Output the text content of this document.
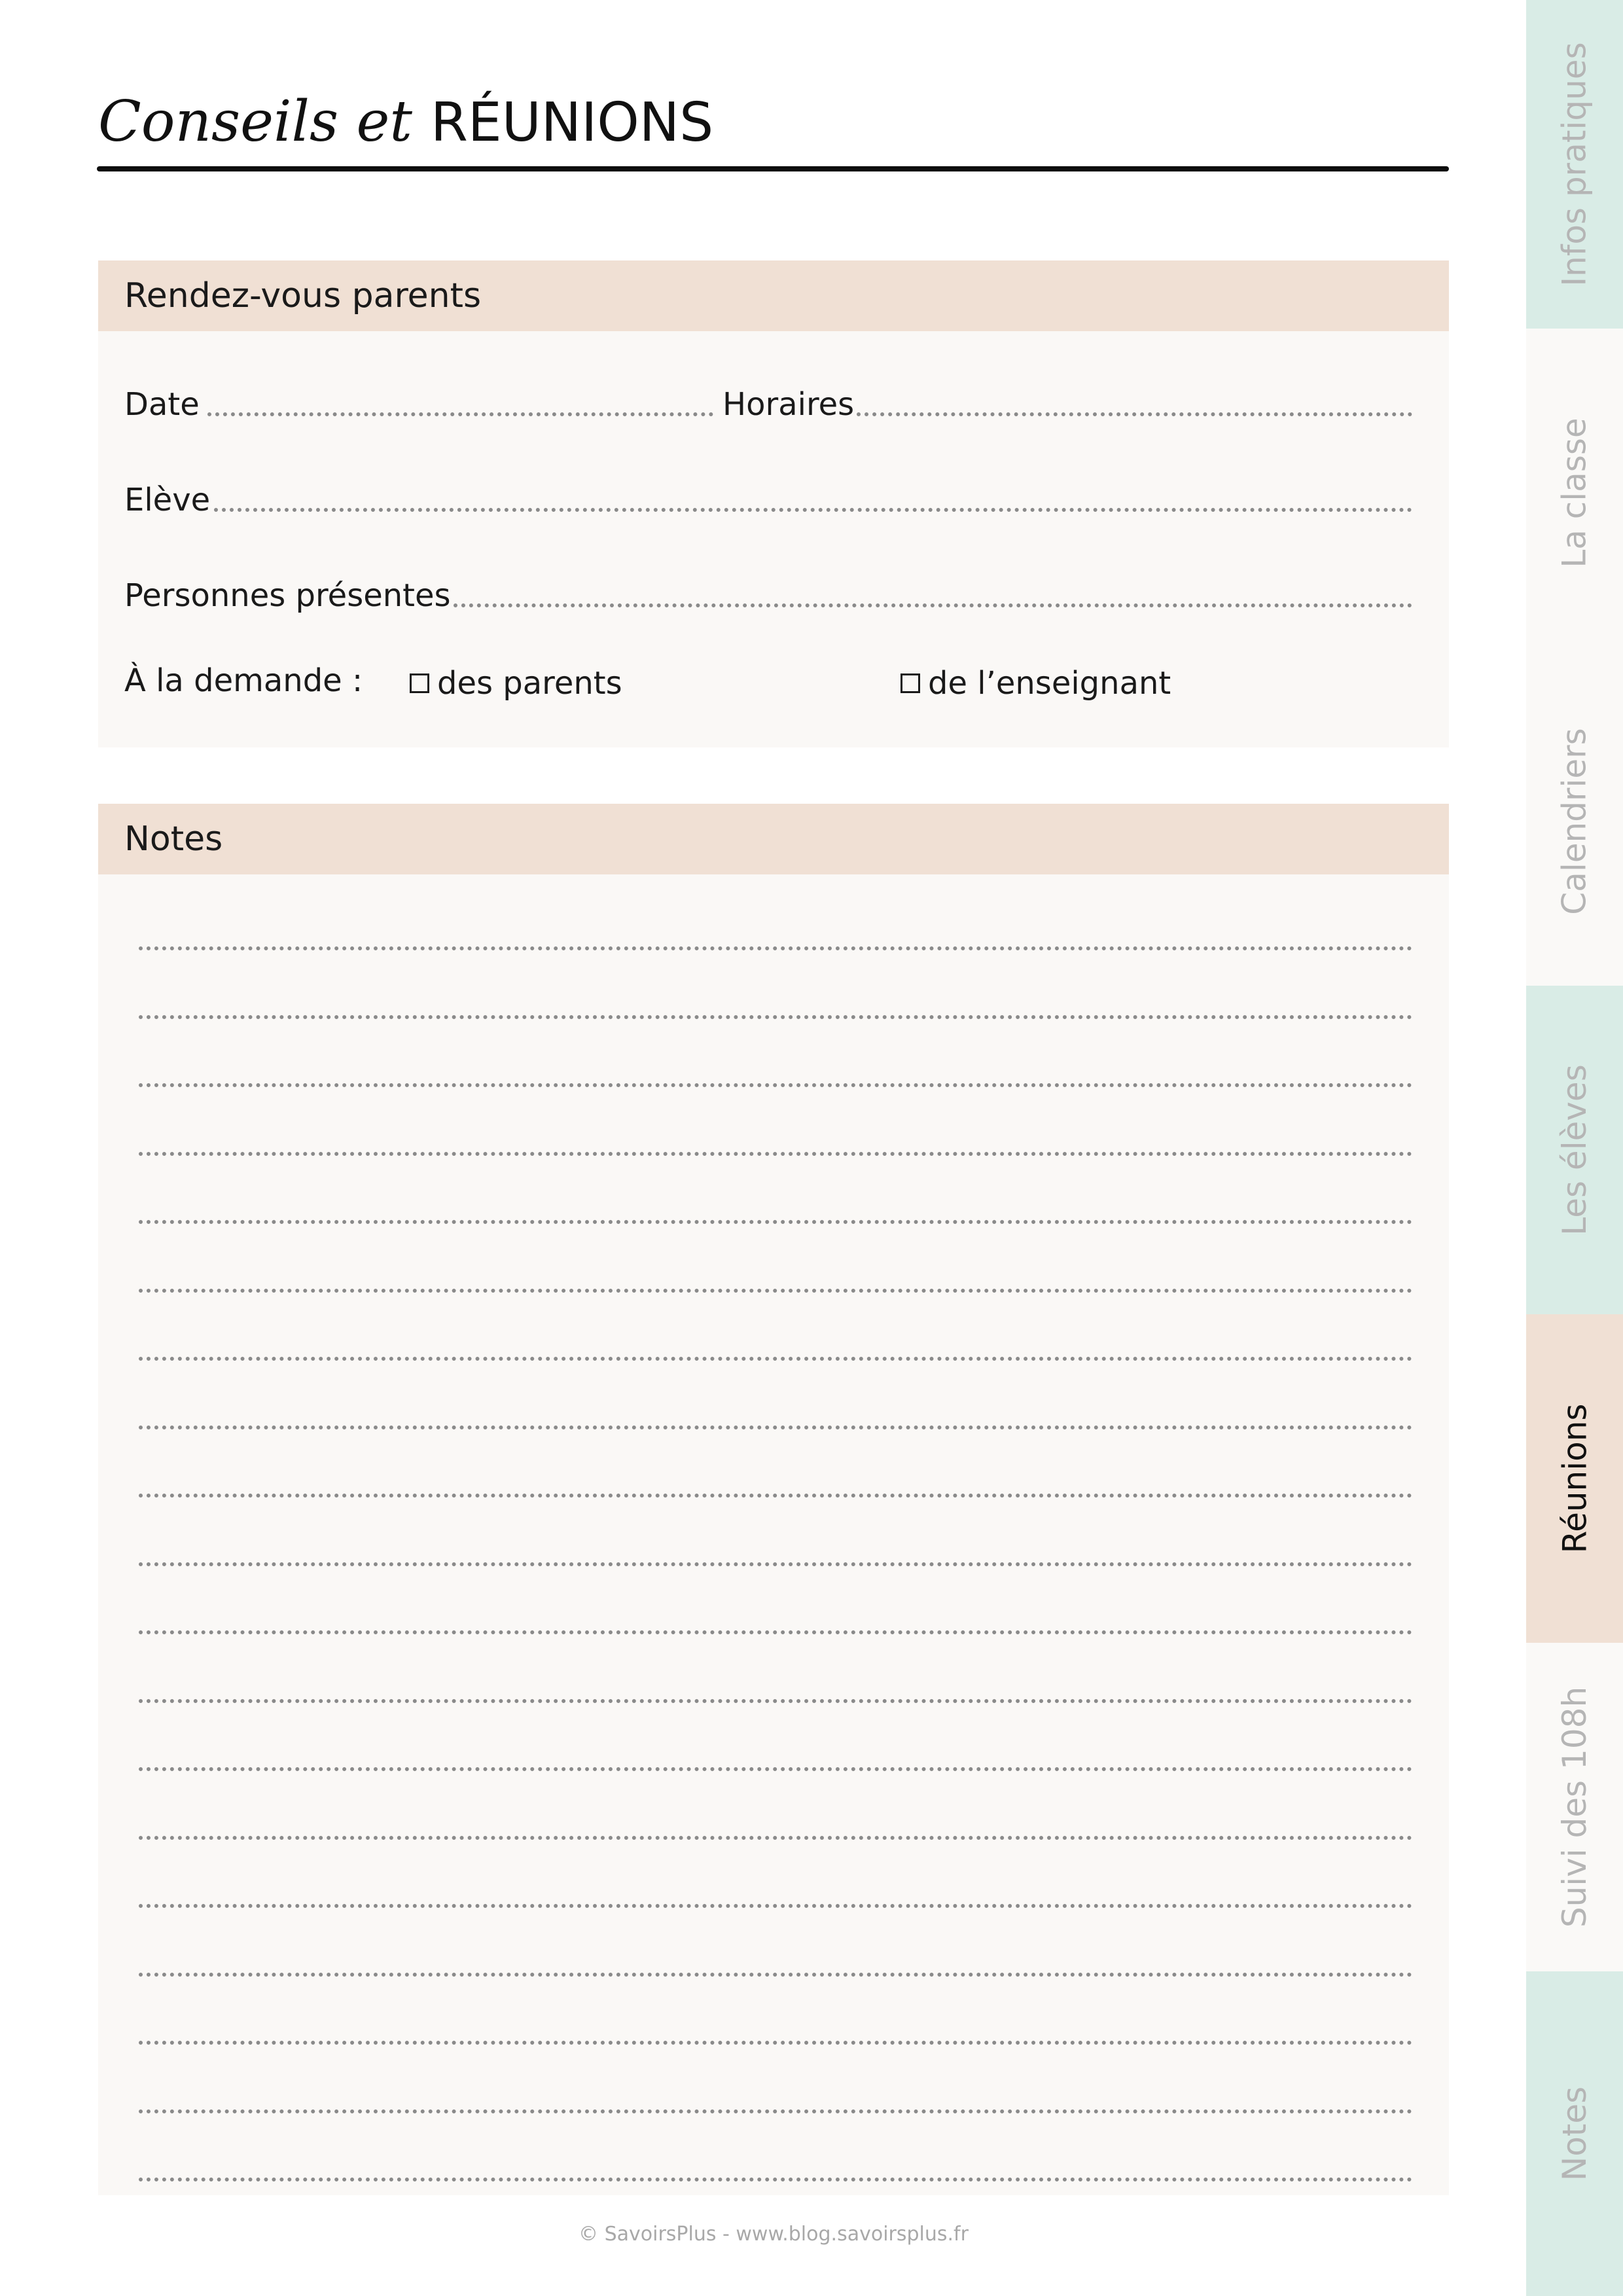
Conseils et RÉUNIONS
Rendez-vous parents
Date	Horaires
Elève
Personnes présentes
À la demande : des parents	de l’enseignant
Notes
© SavoirsPlus - www.blog.savoirsplus.fr
Infos pratiques
La classe
Calendriers
Les élèves
Réunions
Suivi des 108h
Notes
